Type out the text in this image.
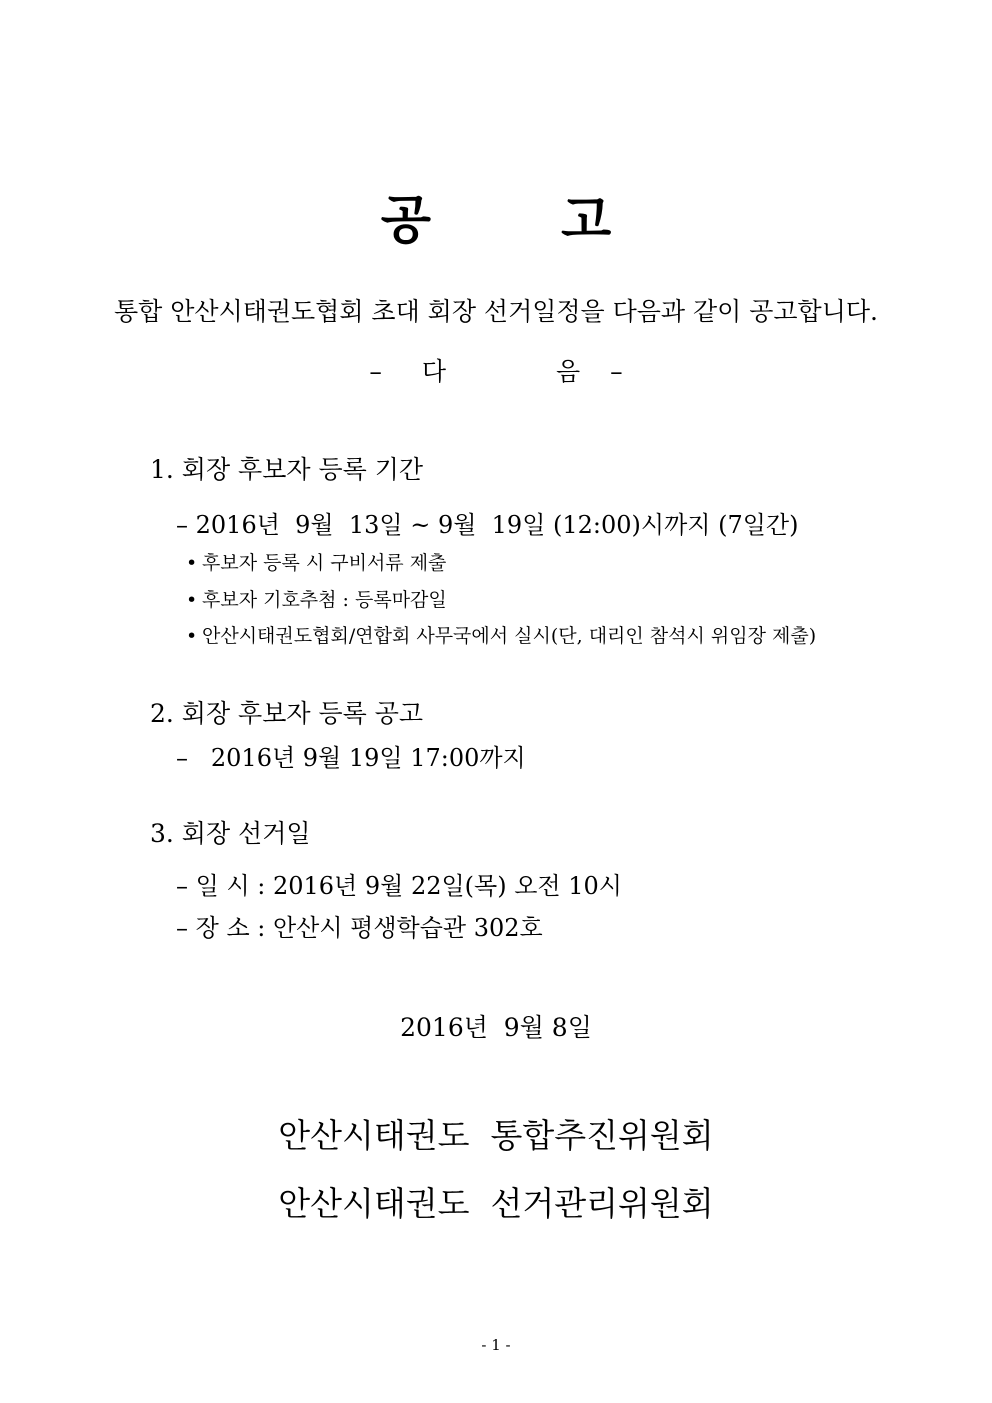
공	고
통합 안산시태권도협회 초대 회장 선거일정을 다음과 같이 공고합니다.
– 다	음 –
1. 회장 후보자 등록 기간
– 2016년  9월  13일 ~ 9월  19일 (12:00)시까지 (7일간)
• 후보자 등록 시 구비서류 제출
• 후보자 기호추첨 : 등록마감일
• 안산시태권도협회/연합회 사무국에서 실시(단, 대리인 참석시 위임장 제출)
2. 회장 후보자 등록 공고
–   2016년 9월 19일 17:00까지
3. 회장 선거일
– 일 시 : 2016년 9월 22일(목) 오전 10시
– 장 소 : 안산시 평생학습관 302호
2016년  9월 8일
안산시태권도  통합추진위원회
안산시태권도  선거관리위원회
- 1 -
